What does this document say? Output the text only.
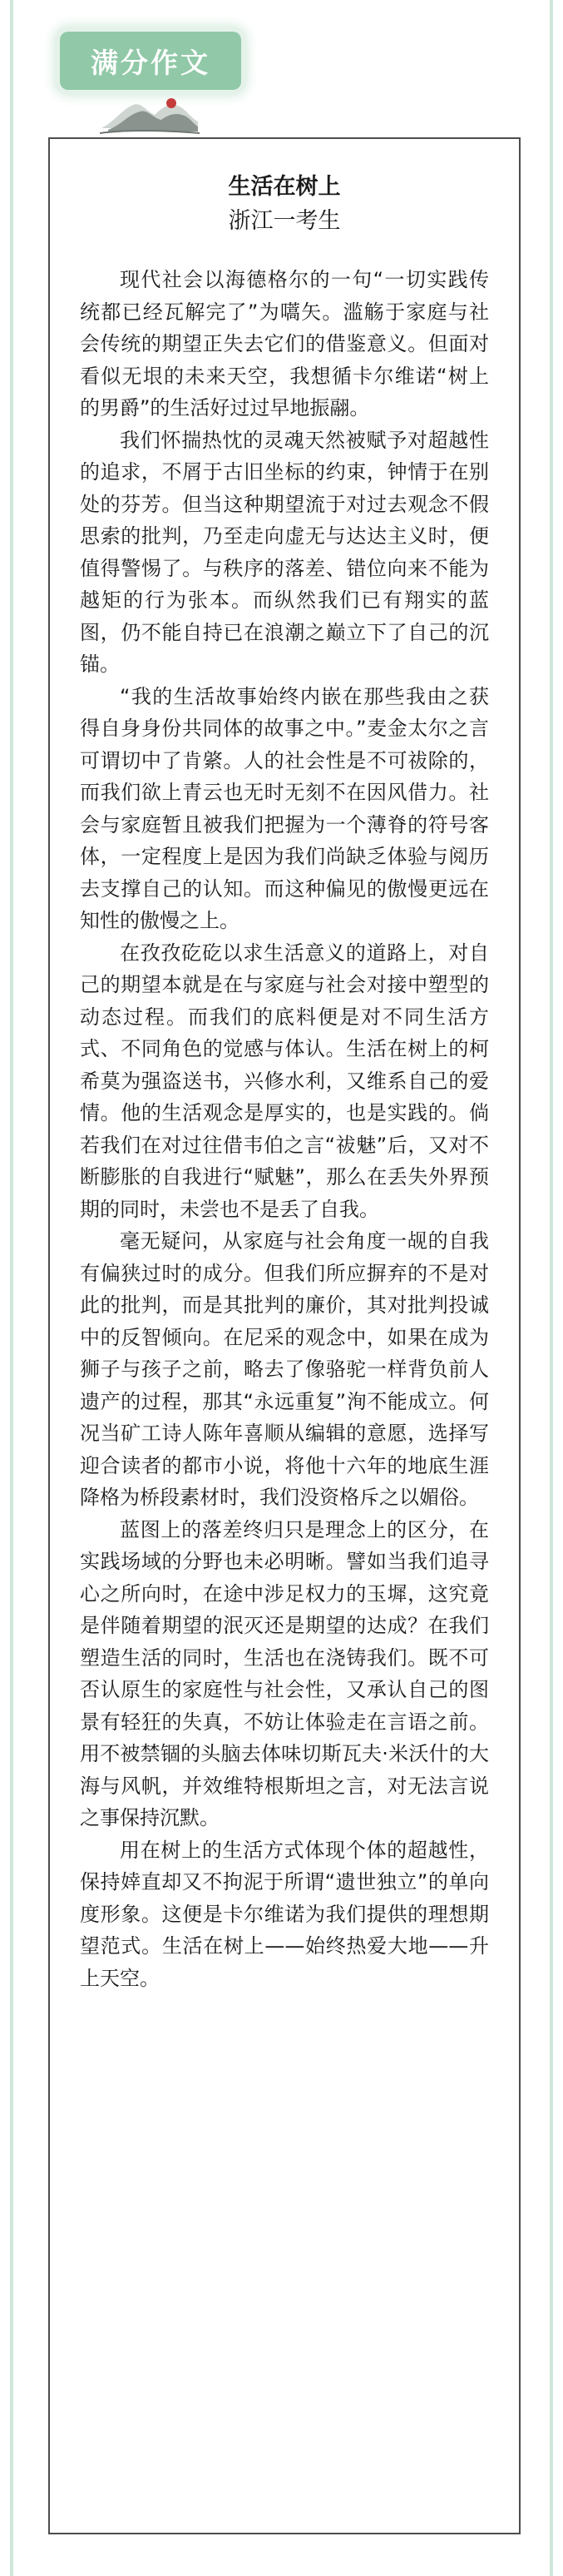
满分作文
生活在树上
浙江一考生

现代社会以海德格尔的一句“一切实践传统都已经瓦解完了”为嚆矢。滥觞于家庭与社会传统的期望正失去它们的借鉴意义。但面对看似无垠的未来天空，我想循卡尔维诺“树上的男爵”的生活好过过早地振翮。

我们怀揣热忱的灵魂天然被赋予对超越性的追求，不屑于古旧坐标的约束，钟情于在别处的芬芳。但当这种期望流于对过去观念不假思索的批判，乃至走向虚无与达达主义时，便值得警惕了。与秩序的落差、错位向来不能为越矩的行为张本。而纵然我们已有翔实的蓝图，仍不能自持已在浪潮之巅立下了自己的沉锚。

“我的生活故事始终内嵌在那些我由之获得自身身份共同体的故事之中。”麦金太尔之言可谓切中了肯綮。人的社会性是不可祓除的，而我们欲上青云也无时无刻不在因风借力。社会与家庭暂且被我们把握为一个薄脊的符号客体，一定程度上是因为我们尚缺乏体验与阅历去支撑自己的认知。而这种偏见的傲慢更远在知性的傲慢之上。

在孜孜矻矻以求生活意义的道路上，对自己的期望本就是在与家庭与社会对接中塑型的动态过程。而我们的底料便是对不同生活方式、不同角色的觉感与体认。生活在树上的柯希莫为强盗送书，兴修水利，又维系自己的爱情。他的生活观念是厚实的，也是实践的。倘若我们在对过往借韦伯之言“祓魅”后，又对不断膨胀的自我进行“赋魅”，那么在丢失外界预期的同时，未尝也不是丢了自我。

毫无疑问，从家庭与社会角度一觇的自我有偏狭过时的成分。但我们所应摒弃的不是对此的批判，而是其批判的廉价，其对批判投诚中的反智倾向。在尼采的观念中，如果在成为狮子与孩子之前，略去了像骆驼一样背负前人遗产的过程，那其“永远重复”洵不能成立。何况当矿工诗人陈年喜顺从编辑的意愿，选择写迎合读者的都市小说，将他十六年的地底生涯降格为桥段素材时，我们没资格斥之以媚俗。

蓝图上的落差终归只是理念上的区分，在实践场域的分野也未必明晰。譬如当我们追寻心之所向时，在途中涉足权力的玉墀，这究竟是伴随着期望的泯灭还是期望的达成？在我们塑造生活的同时，生活也在浇铸我们。既不可否认原生的家庭性与社会性，又承认自己的图景有轻狂的失真，不妨让体验走在言语之前。用不被禁锢的头脑去体味切斯瓦夫·米沃什的大海与风帆，并效维特根斯坦之言，对无法言说之事保持沉默。

用在树上的生活方式体现个体的超越性，保持婞直却又不拘泥于所谓“遗世独立”的单向度形象。这便是卡尔维诺为我们提供的理想期望范式。生活在树上——始终热爱大地——升上天空。
